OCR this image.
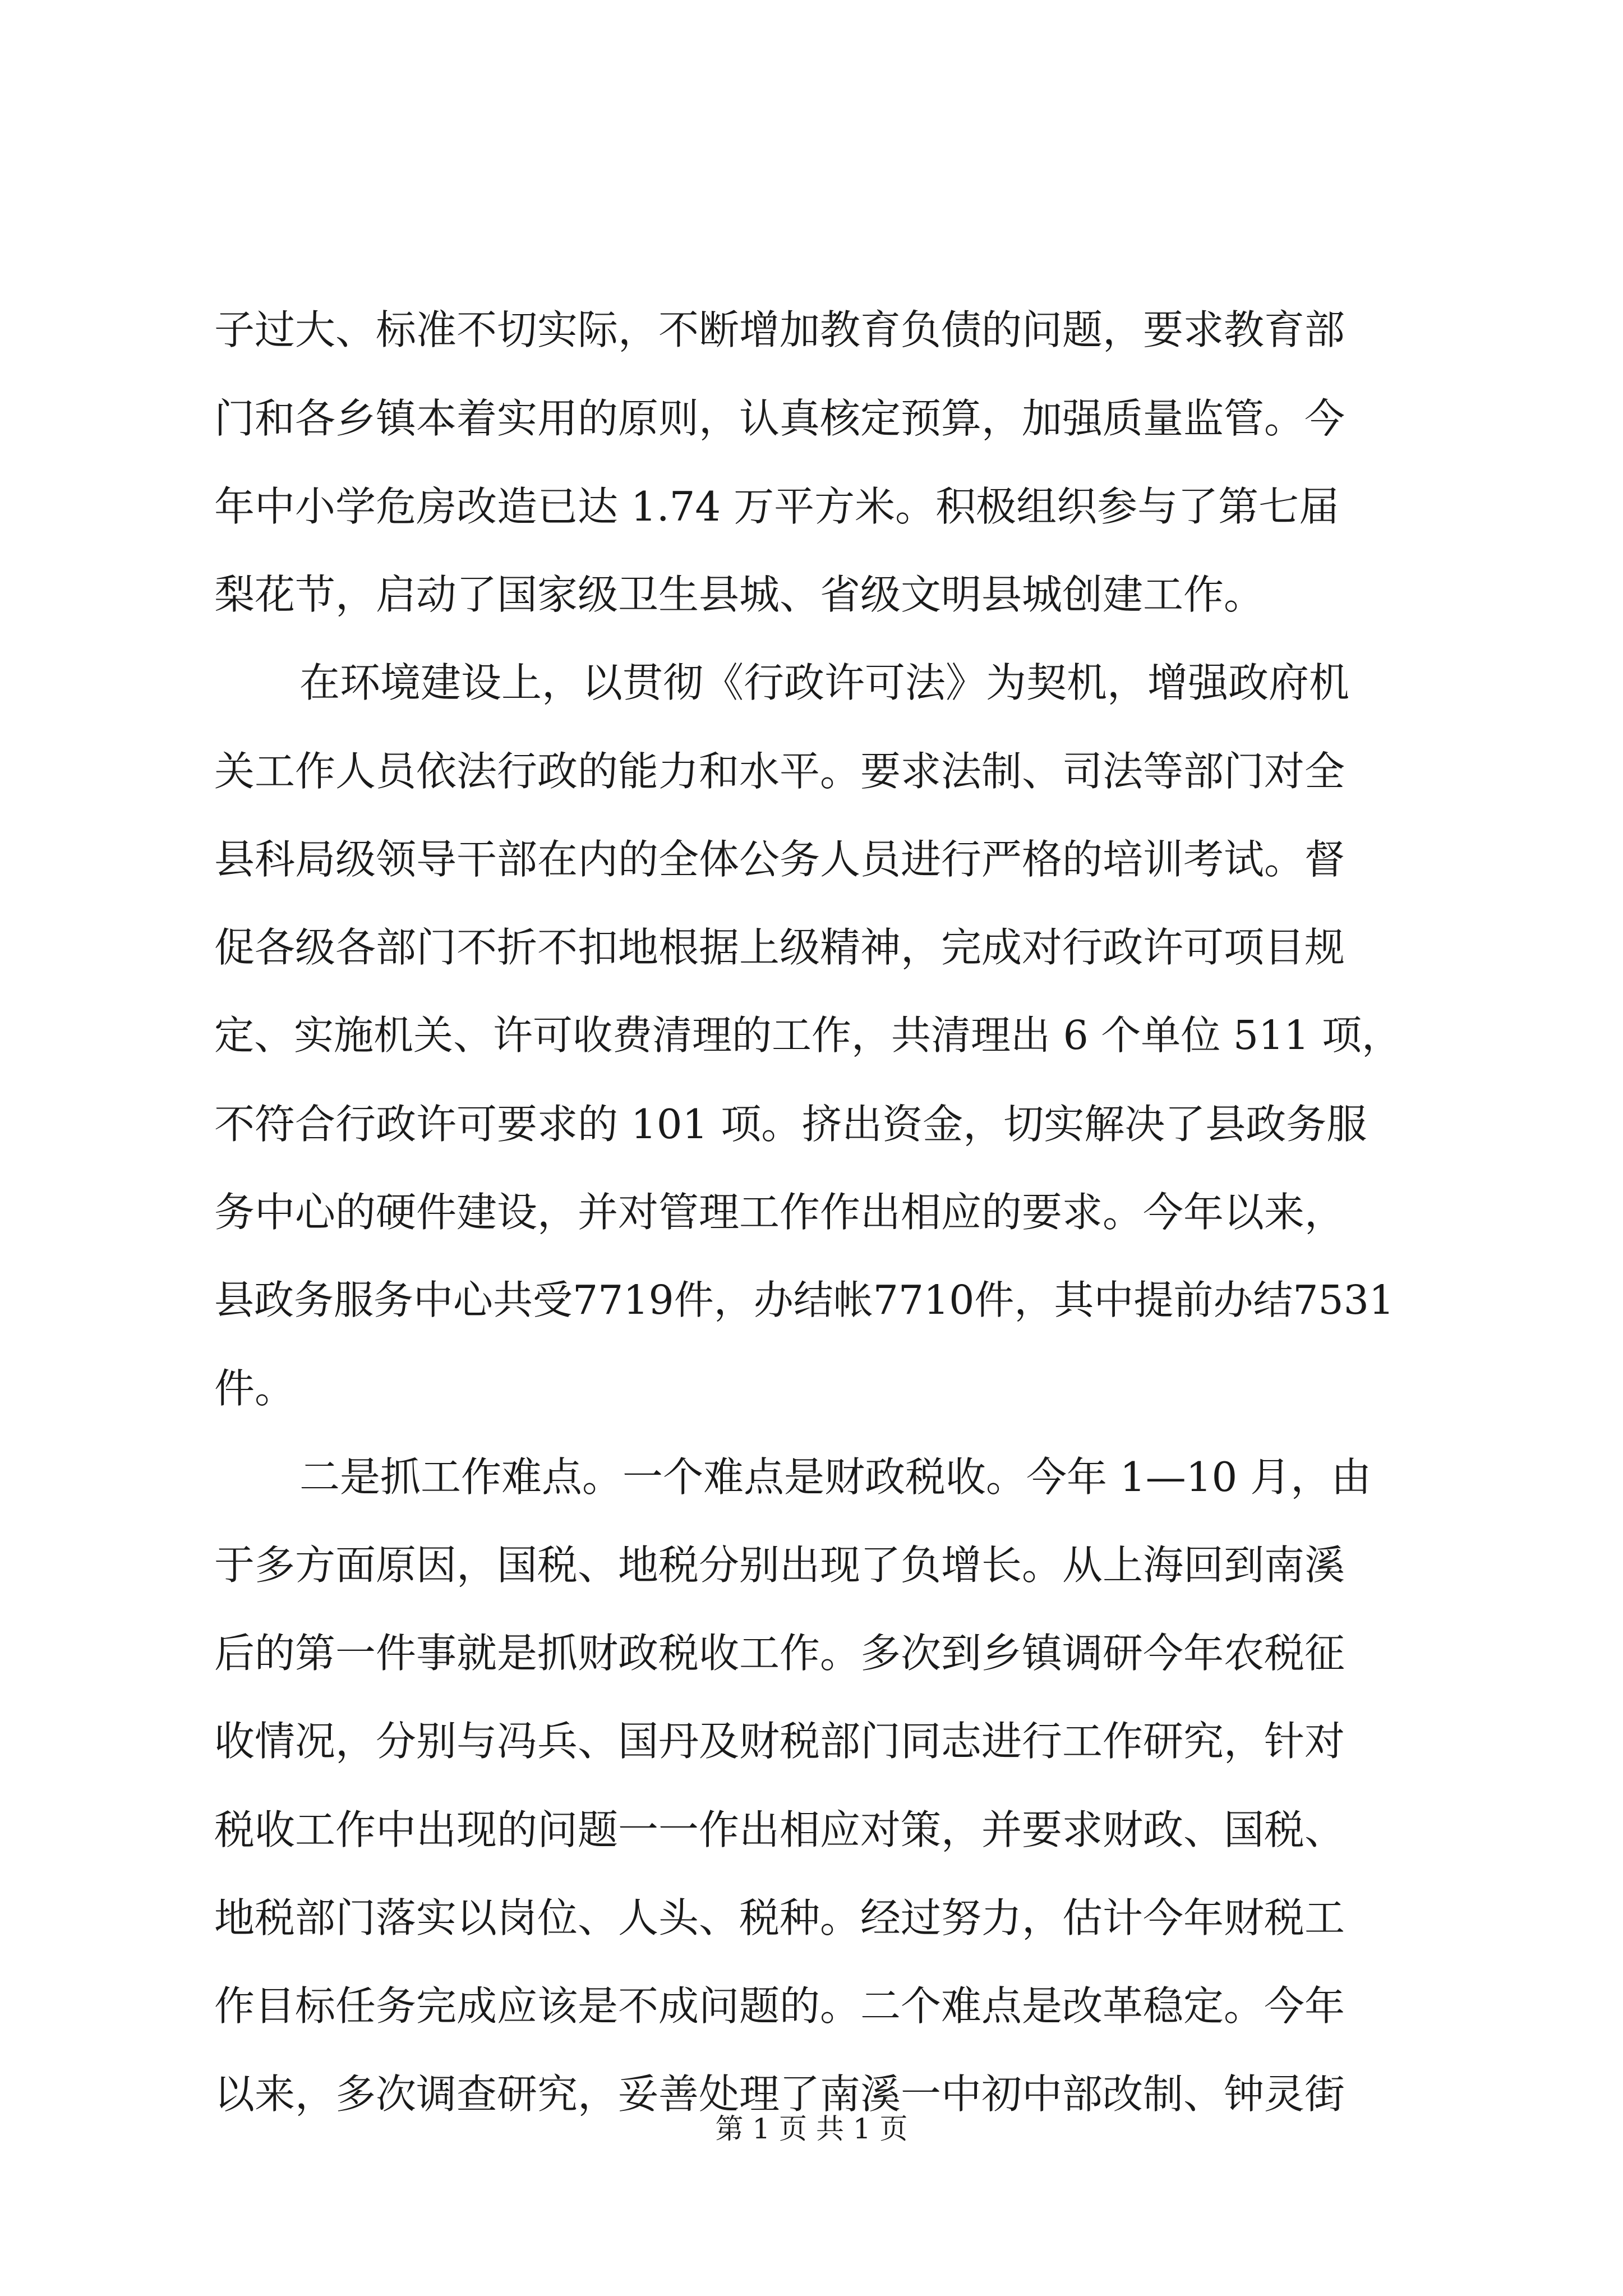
子过大、标准不切实际，不断增加教育负债的问题，要求教育部
门和各乡镇本着实用的原则，认真核定预算，加强质量监管。今
年中小学危房改造已达 1.74 万平方米。积极组织参与了第七届
梨花节，启动了国家级卫生县城、省级文明县城创建工作。
在环境建设上，以贯彻《行政许可法》为契机，增强政府机
关工作人员依法行政的能力和水平。要求法制、司法等部门对全
县科局级领导干部在内的全体公务人员进行严格的培训考试。督
促各级各部门不折不扣地根据上级精神，完成对行政许可项目规
定、实施机关、许可收费清理的工作，共清理出 6 个单位 511 项，
不符合行政许可要求的 101 项。挤出资金，切实解决了县政务服
务中心的硬件建设，并对管理工作作出相应的要求。今年以来，
县政务服务中心共受7719件，办结帐7710件，其中提前办结7531
件。
二是抓工作难点。一个难点是财政税收。今年 1—10 月，由
于多方面原因，国税、地税分别出现了负增长。从上海回到南溪
后的第一件事就是抓财政税收工作。多次到乡镇调研今年农税征
收情况，分别与冯兵、国丹及财税部门同志进行工作研究，针对
税收工作中出现的问题一一作出相应对策，并要求财政、国税、
地税部门落实以岗位、人头、税种。经过努力，估计今年财税工
作目标任务完成应该是不成问题的。二个难点是改革稳定。今年
以来，多次调查研究，妥善处理了南溪一中初中部改制、钟灵街
第 1 页 共 1 页
